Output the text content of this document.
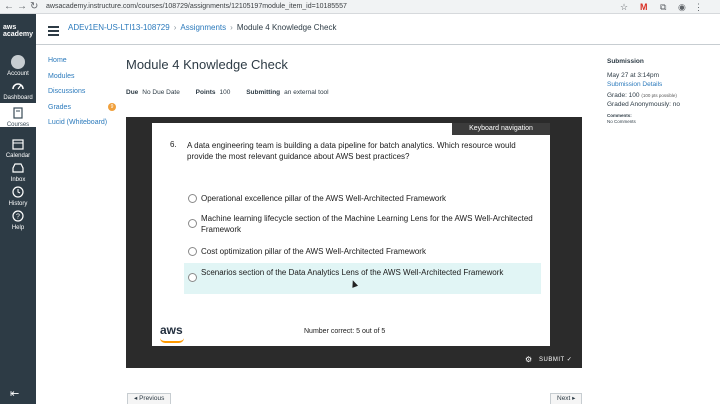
← → ↻ awsacademy.instructure.com/courses/108729/assignments/12105197module_item_id=10185557	☆ M ⧉ ◉ ⋮
aws academy
Account
Dashboard
Courses
Calendar
Inbox
History
?
Help
⇤
ADEv1EN-US-LTI13-108729 › Assignments › Module 4 Knowledge Check
Home
Modules
Discussions
Grades	9
Lucid (Whiteboard)
Module 4 Knowledge Check
Due No Due Date Points 100 Submitting an external tool
Keyboard navigation
6. A data engineering team is building a data pipeline for batch analytics. Which resource would provide the most relevant guidance about AWS best practices?
Operational excellence pillar of the AWS Well-Architected Framework
Machine learning lifecycle section of the Machine Learning Lens for the AWS Well-Architected Framework
Cost optimization pillar of the AWS Well-Architected Framework
Scenarios section of the Data Analytics Lens of the AWS Well-Architected Framework
aws	Number correct: 5 out of 5
⚙ SUBMIT ✓
◂ Previous	Next ▸
Submission
May 27 at 3:14pm
Submission Details
Grade: 100 (100 pts possible)
Graded Anonymously: no
Comments:
No Comments
